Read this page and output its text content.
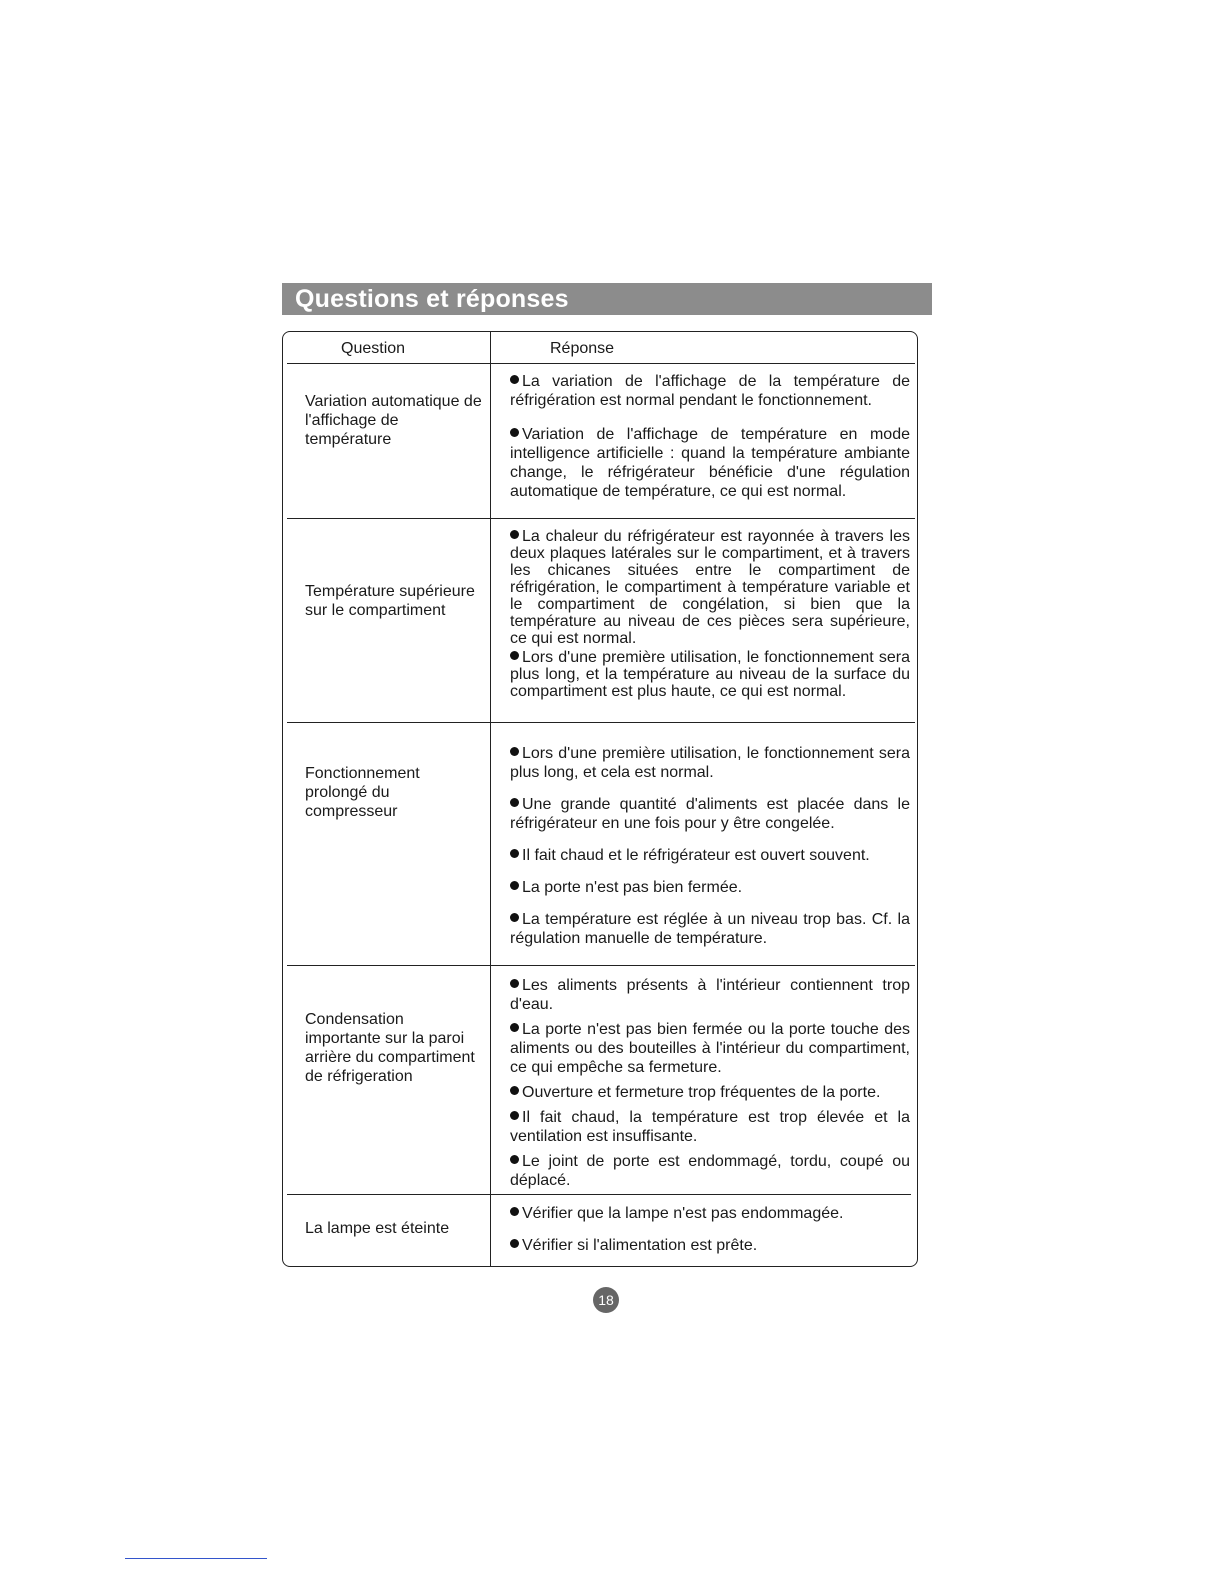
Questions et réponses
Question	Réponse
Variation automatique de l'affichage de température

La variation de l'affichage de la température de réfrigération est normal pendant le fonctionnement.

Variation de l'affichage de température en mode intelligence artificielle : quand la température ambiante change, le réfrigérateur bénéficie d'une régulation automatique de température, ce qui est normal.

Température supérieure sur le compartiment

La chaleur du réfrigérateur est rayonnée à travers les deux plaques latérales sur le compartiment, et à travers les chicanes situées entre le compartiment de réfrigération, le compartiment à température variable et le compartiment de congélation, si bien que la température au niveau de ces pièces sera supérieure, ce qui est normal.

Lors d'une première utilisation, le fonctionnement sera plus long, et la température au niveau de la surface du compartiment est plus haute, ce qui est normal.

Fonctionnement prolongé du compresseur

Lors d'une première utilisation, le fonctionnement sera plus long, et cela est normal.

Une grande quantité d'aliments est placée dans le réfrigérateur en une fois pour y être congelée.

Il fait chaud et le réfrigérateur est ouvert souvent.

La porte n'est pas bien fermée.

La température est réglée à un niveau trop bas. Cf. la régulation manuelle de température.

Condensation importante sur la paroi arrière du compartiment de réfrigeration

Les aliments présents à l'intérieur contiennent trop d'eau.

La porte n'est pas bien fermée ou la porte touche des aliments ou des bouteilles à l'intérieur du compartiment, ce qui empêche sa fermeture.

Ouverture et fermeture trop fréquentes de la porte.

Il fait chaud, la température est trop élevée et la ventilation est insuffisante.

Le joint de porte est endommagé, tordu, coupé ou déplacé.

La lampe est éteinte

Vérifier que la lampe n'est pas endommagée.

Vérifier si l'alimentation est prête.

18
